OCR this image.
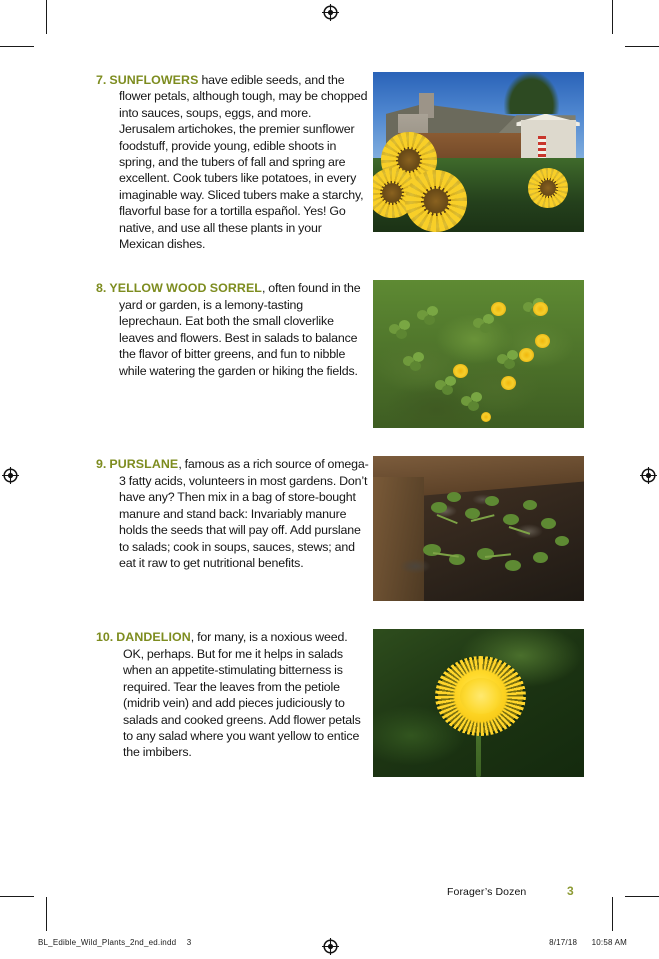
7. SUNFLOWERS have edible seeds, and the flower petals, although tough, may be chopped into sauces, soups, eggs, and more. Jerusalem artichokes, the premier sunflower foodstuff, provide young, edible shoots in spring, and the tubers of fall and spring are excellent. Cook tubers like potatoes, in every imaginable way. Sliced tubers make a starchy, flavorful base for a tortilla español. Yes! Go native, and use all these plants in your Mexican dishes.

8. YELLOW WOOD SORREL, often found in the yard or garden, is a lemony-tasting leprechaun. Eat both the small cloverlike leaves and flowers. Best in salads to balance the flavor of bitter greens, and fun to nibble while watering the garden or hiking the fields.

9. PURSLANE, famous as a rich source of omega-3 fatty acids, volunteers in most gardens. Don’t have any? Then mix in a bag of store-bought manure and stand back: Invariably manure holds the seeds that will pay off. Add purslane to salads; cook in soups, sauces, stews; and eat it raw to get nutritional benefits.

10. DANDELION, for many, is a noxious weed. OK, perhaps. But for me it helps in salads when an appetite-stimulating bitterness is required. Tear the leaves from the petiole (midrib vein) and add pieces judiciously to salads and cooked greens. Add flower petals to any salad where you want yellow to entice the imbibers.

Forager’s Dozen	3
BL_Edible_Wild_Plants_2nd_ed.indd 3	8/17/18 10:58 AM
